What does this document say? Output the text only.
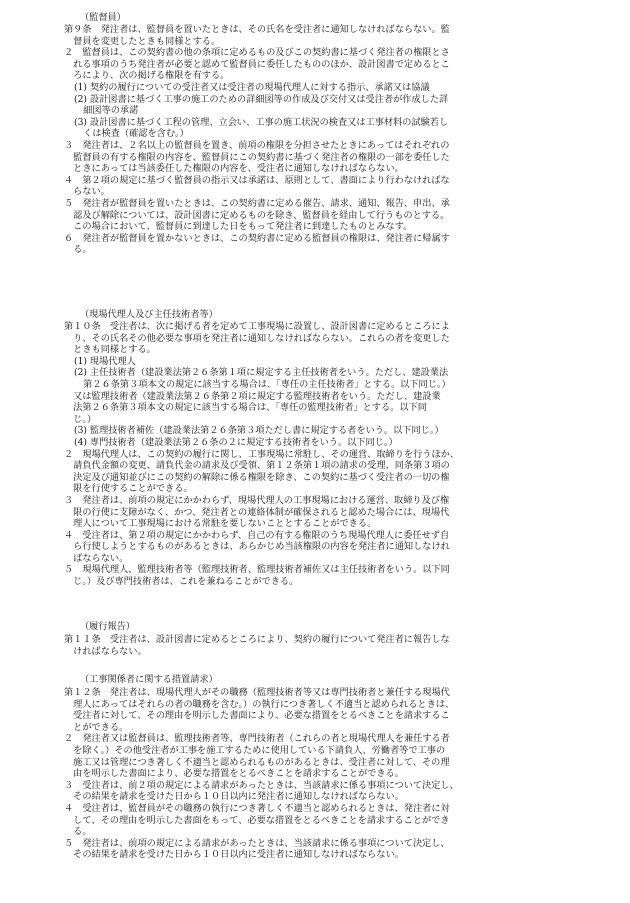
（監督員）

第９条　発注者は、監督員を置いたときは、その氏名を受注者に通知しなければならない。監

　督員を変更したときも同様とする。

２　監督員は、この契約書の他の条項に定めるもの及びこの契約書に基づく発注者の権限とさ

　れる事項のうち発注者が必要と認めて監督員に委任したもののほか、設計図書で定めるとこ

　ろにより、次の掲げる権限を有する。

(1) 契約の履行についての受注者又は受注者の現場代理人に対する指示、承諾又は協議

(2) 設計図書に基づく工事の施工のための詳細図等の作成及び交付又は受注者が作成した詳

　細図等の承諾

(3) 設計図書に基づく工程の管理、立会い、工事の施工状況の検査又は工事材料の試験若し

　くは検査（確認を含む。）

３　発注者は、２名以上の監督員を置き、前項の権限を分担させたときにあってはそれぞれの

　監督員の有する権限の内容を、監督員にこの契約書に基づく発注者の権限の一部を委任した

　ときにあっては当該委任した権限の内容を、受注者に通知しなければならない。

４　第２項の規定に基づく監督員の指示又は承諾は、原則として、書面により行わなければな

　らない。

５　発注者が監督員を置いたときは、この契約書に定める催告、請求、通知、報告、申出、承

　認及び解除については、設計図書に定めるものを除き、監督員を経由して行うものとする。

　この場合において、監督員に到達した日をもって発注者に到達したものとみなす。

６　発注者が監督員を置かないときは、この契約書に定める監督員の権限は、発注者に帰属す

　る。

（現場代理人及び主任技術者等）

第１０条　受注者は、次に掲げる者を定めて工事現場に設置し、設計図書に定めるところによ

　り、その氏名その他必要な事項を発注者に通知しなければならない。これらの者を変更した

　ときも同様とする。

(1) 現場代理人

(2) 主任技術者（建設業法第２６条第１項に規定する主任技術者をいう。ただし、建設業法

　第２６条第３項本文の規定に該当する場合は、「専任の主任技術者」とする。以下同じ。）

　又は監理技術者（建設業法第２６条第２項に規定する監理技術者をいう。ただし、建設業

　法第２６条第３項本文の規定に該当する場合は、「専任の監理技術者」とする。以下同

　じ。）

(3) 監理技術者補佐（建設業法第２６条第３項ただし書に規定する者をいう。以下同じ。）

(4) 専門技術者（建設業法第２６条の２に規定する技術者をいう。以下同じ。）

２　現場代理人は、この契約の履行に関し、工事現場に常駐し、その運営、取締りを行うほか、

　請負代金額の変更、請負代金の請求及び受領、第１２条第１項の請求の受理、同条第３項の

　決定及び通知並びにこの契約の解除に係る権限を除き、この契約に基づく受注者の一切の権

　限を行使することができる。

３　発注者は、前項の規定にかかわらず、現場代理人の工事現場における運営、取締り及び権

　限の行使に支障がなく、かつ、発注者との連絡体制が確保されると認めた場合には、現場代

　理人について工事現場における常駐を要しないこととすることができる。

４　受注者は、第２項の規定にかかわらず、自己の有する権限のうち現場代理人に委任せず自

　ら行使しようとするものがあるときは、あらかじめ当該権限の内容を発注者に通知しなけれ

　ばならない。

５　現場代理人、監理技術者等（監理技術者、監理技術者補佐又は主任技術者をいう。以下同

　じ。）及び専門技術者は、これを兼ねることができる。

（履行報告）

第１１条　受注者は、設計図書に定めるところにより、契約の履行について発注者に報告しな

　ければならない。

（工事関係者に関する措置請求）

第１２条　発注者は、現場代理人がその職務（監理技術者等又は専門技術者と兼任する現場代

　理人にあってはそれらの者の職務を含む。）の執行につき著しく不適当と認められるときは、

　受注者に対して、その理由を明示した書面により、必要な措置をとるべきことを請求するこ

　とができる。

２　発注者又は監督員は、監理技術者等、専門技術者（これらの者と現場代理人を兼任する者

　を除く。）その他受注者が工事を施工するために使用している下請負人、労働者等で工事の

　施工又は管理につき著しく不適当と認められるものがあるときは、受注者に対して、その理

　由を明示した書面により、必要な措置をとるべきことを請求することができる。

３　受注者は、前２項の規定による請求があったときは、当該請求に係る事項について決定し、

　その結果を請求を受けた日から１０日以内に発注者に通知しなければならない。

４　受注者は、監督員がその職務の執行につき著しく不適当と認められるときは、発注者に対

　して、その理由を明示した書面をもって、必要な措置をとるべきことを請求することができ

　る。

５　発注者は、前項の規定による請求があったときは、当該請求に係る事項について決定し、

　その結果を請求を受けた日から１０日以内に受注者に通知しなければならない。
